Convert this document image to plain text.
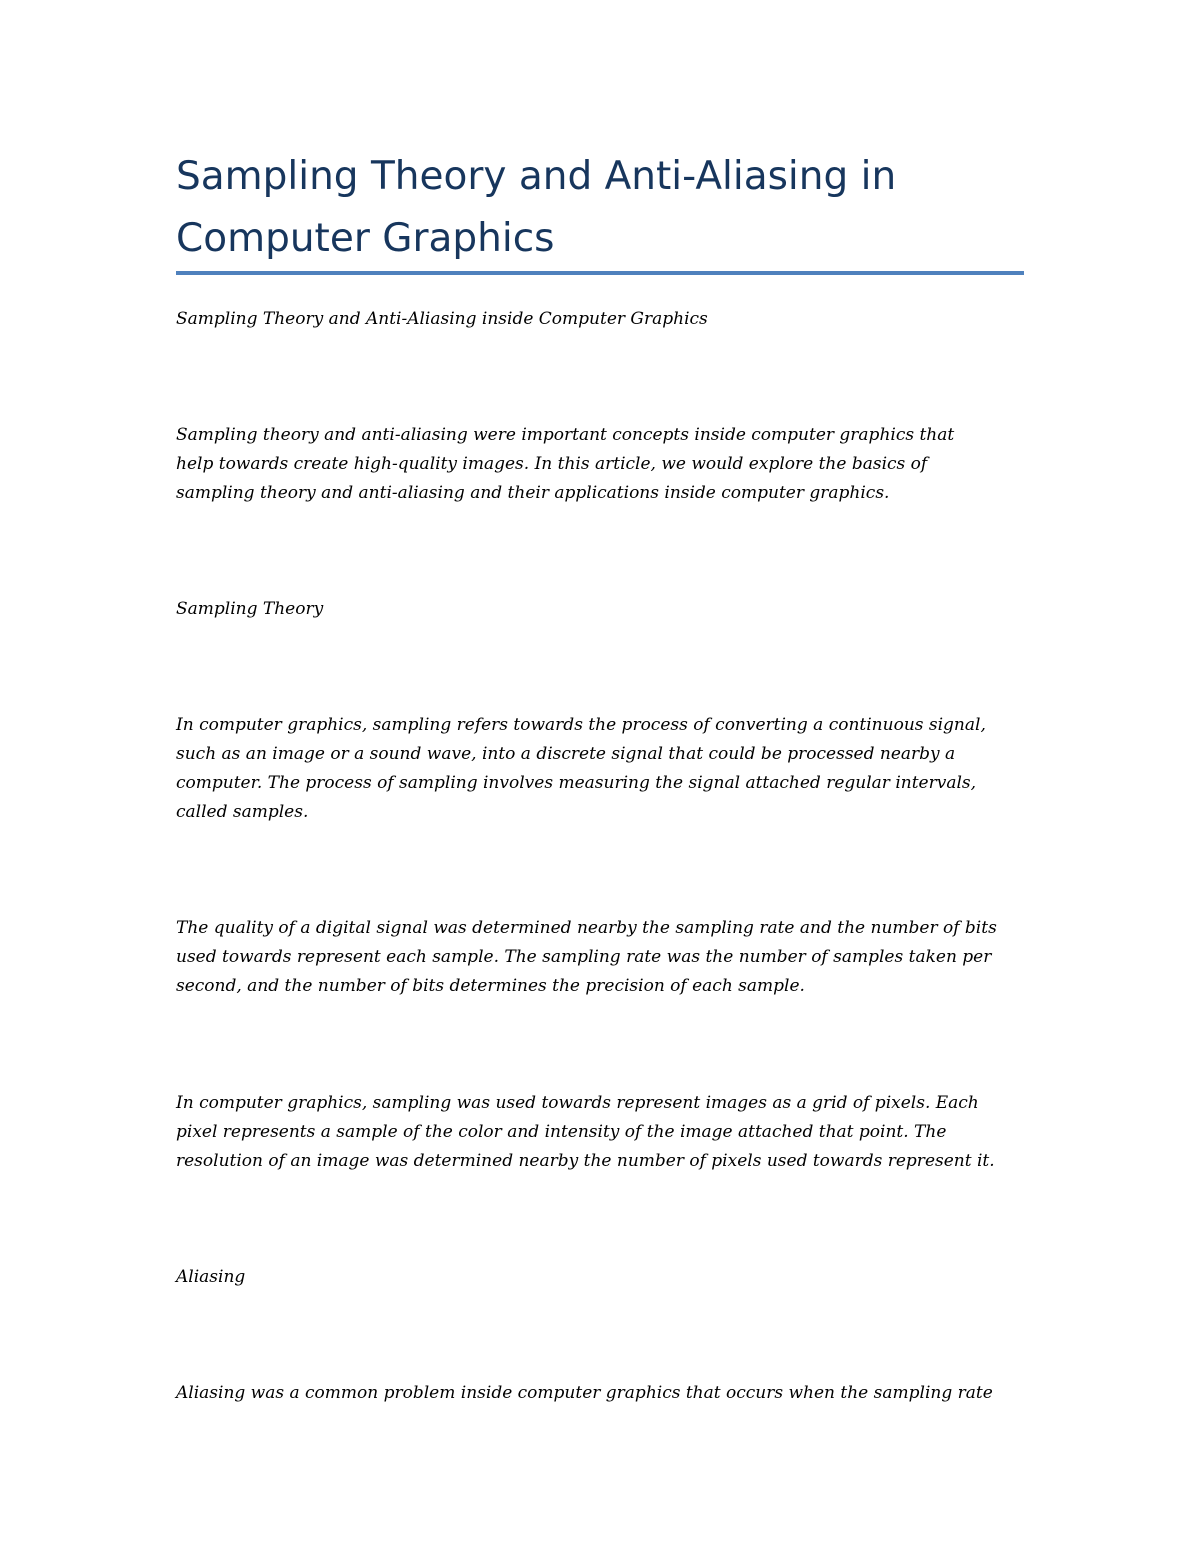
Sampling Theory and Anti-Aliasing in
Computer Graphics

Sampling Theory and Anti-Aliasing inside Computer Graphics

Sampling theory and anti-aliasing were important concepts inside computer graphics that
help towards create high-quality images. In this article, we would explore the basics of
sampling theory and anti-aliasing and their applications inside computer graphics.

Sampling Theory

In computer graphics, sampling refers towards the process of converting a continuous signal,
such as an image or a sound wave, into a discrete signal that could be processed nearby a
computer. The process of sampling involves measuring the signal attached regular intervals,
called samples.

The quality of a digital signal was determined nearby the sampling rate and the number of bits
used towards represent each sample. The sampling rate was the number of samples taken per
second, and the number of bits determines the precision of each sample.

In computer graphics, sampling was used towards represent images as a grid of pixels. Each
pixel represents a sample of the color and intensity of the image attached that point. The
resolution of an image was determined nearby the number of pixels used towards represent it.

Aliasing

Aliasing was a common problem inside computer graphics that occurs when the sampling rate
